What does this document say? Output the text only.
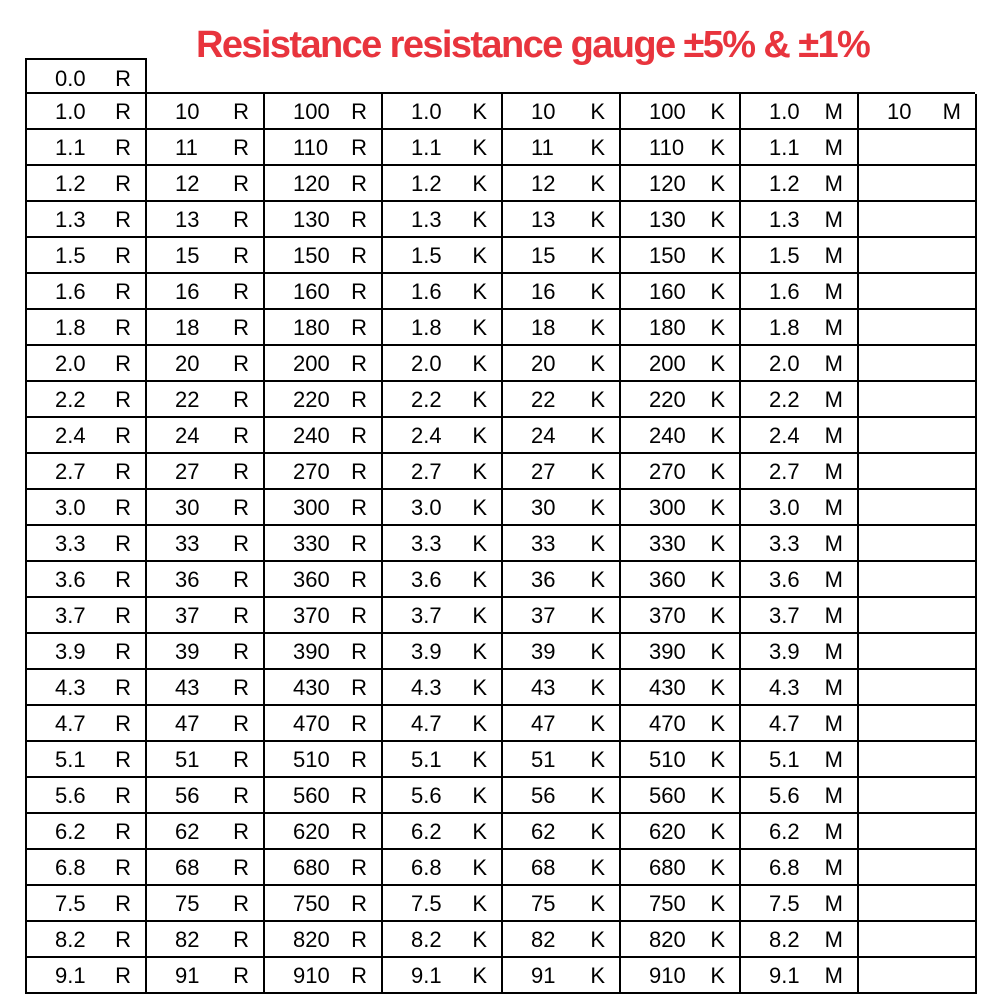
Resistance resistance gauge ±5% & ±1%
0.0 R
1.0 R 10 R 100 R 1.0 K 10 K 100 K 1.0 M 10 M
1.1 R 11 R 110 R 1.1 K 11 K 110 K 1.1 M
1.2 R 12 R 120 R 1.2 K 12 K 120 K 1.2 M
1.3 R 13 R 130 R 1.3 K 13 K 130 K 1.3 M
1.5 R 15 R 150 R 1.5 K 15 K 150 K 1.5 M
1.6 R 16 R 160 R 1.6 K 16 K 160 K 1.6 M
1.8 R 18 R 180 R 1.8 K 18 K 180 K 1.8 M
2.0 R 20 R 200 R 2.0 K 20 K 200 K 2.0 M
2.2 R 22 R 220 R 2.2 K 22 K 220 K 2.2 M
2.4 R 24 R 240 R 2.4 K 24 K 240 K 2.4 M
2.7 R 27 R 270 R 2.7 K 27 K 270 K 2.7 M
3.0 R 30 R 300 R 3.0 K 30 K 300 K 3.0 M
3.3 R 33 R 330 R 3.3 K 33 K 330 K 3.3 M
3.6 R 36 R 360 R 3.6 K 36 K 360 K 3.6 M
3.7 R 37 R 370 R 3.7 K 37 K 370 K 3.7 M
3.9 R 39 R 390 R 3.9 K 39 K 390 K 3.9 M
4.3 R 43 R 430 R 4.3 K 43 K 430 K 4.3 M
4.7 R 47 R 470 R 4.7 K 47 K 470 K 4.7 M
5.1 R 51 R 510 R 5.1 K 51 K 510 K 5.1 M
5.6 R 56 R 560 R 5.6 K 56 K 560 K 5.6 M
6.2 R 62 R 620 R 6.2 K 62 K 620 K 6.2 M
6.8 R 68 R 680 R 6.8 K 68 K 680 K 6.8 M
7.5 R 75 R 750 R 7.5 K 75 K 750 K 7.5 M
8.2 R 82 R 820 R 8.2 K 82 K 820 K 8.2 M
9.1 R 91 R 910 R 9.1 K 91 K 910 K 9.1 M
